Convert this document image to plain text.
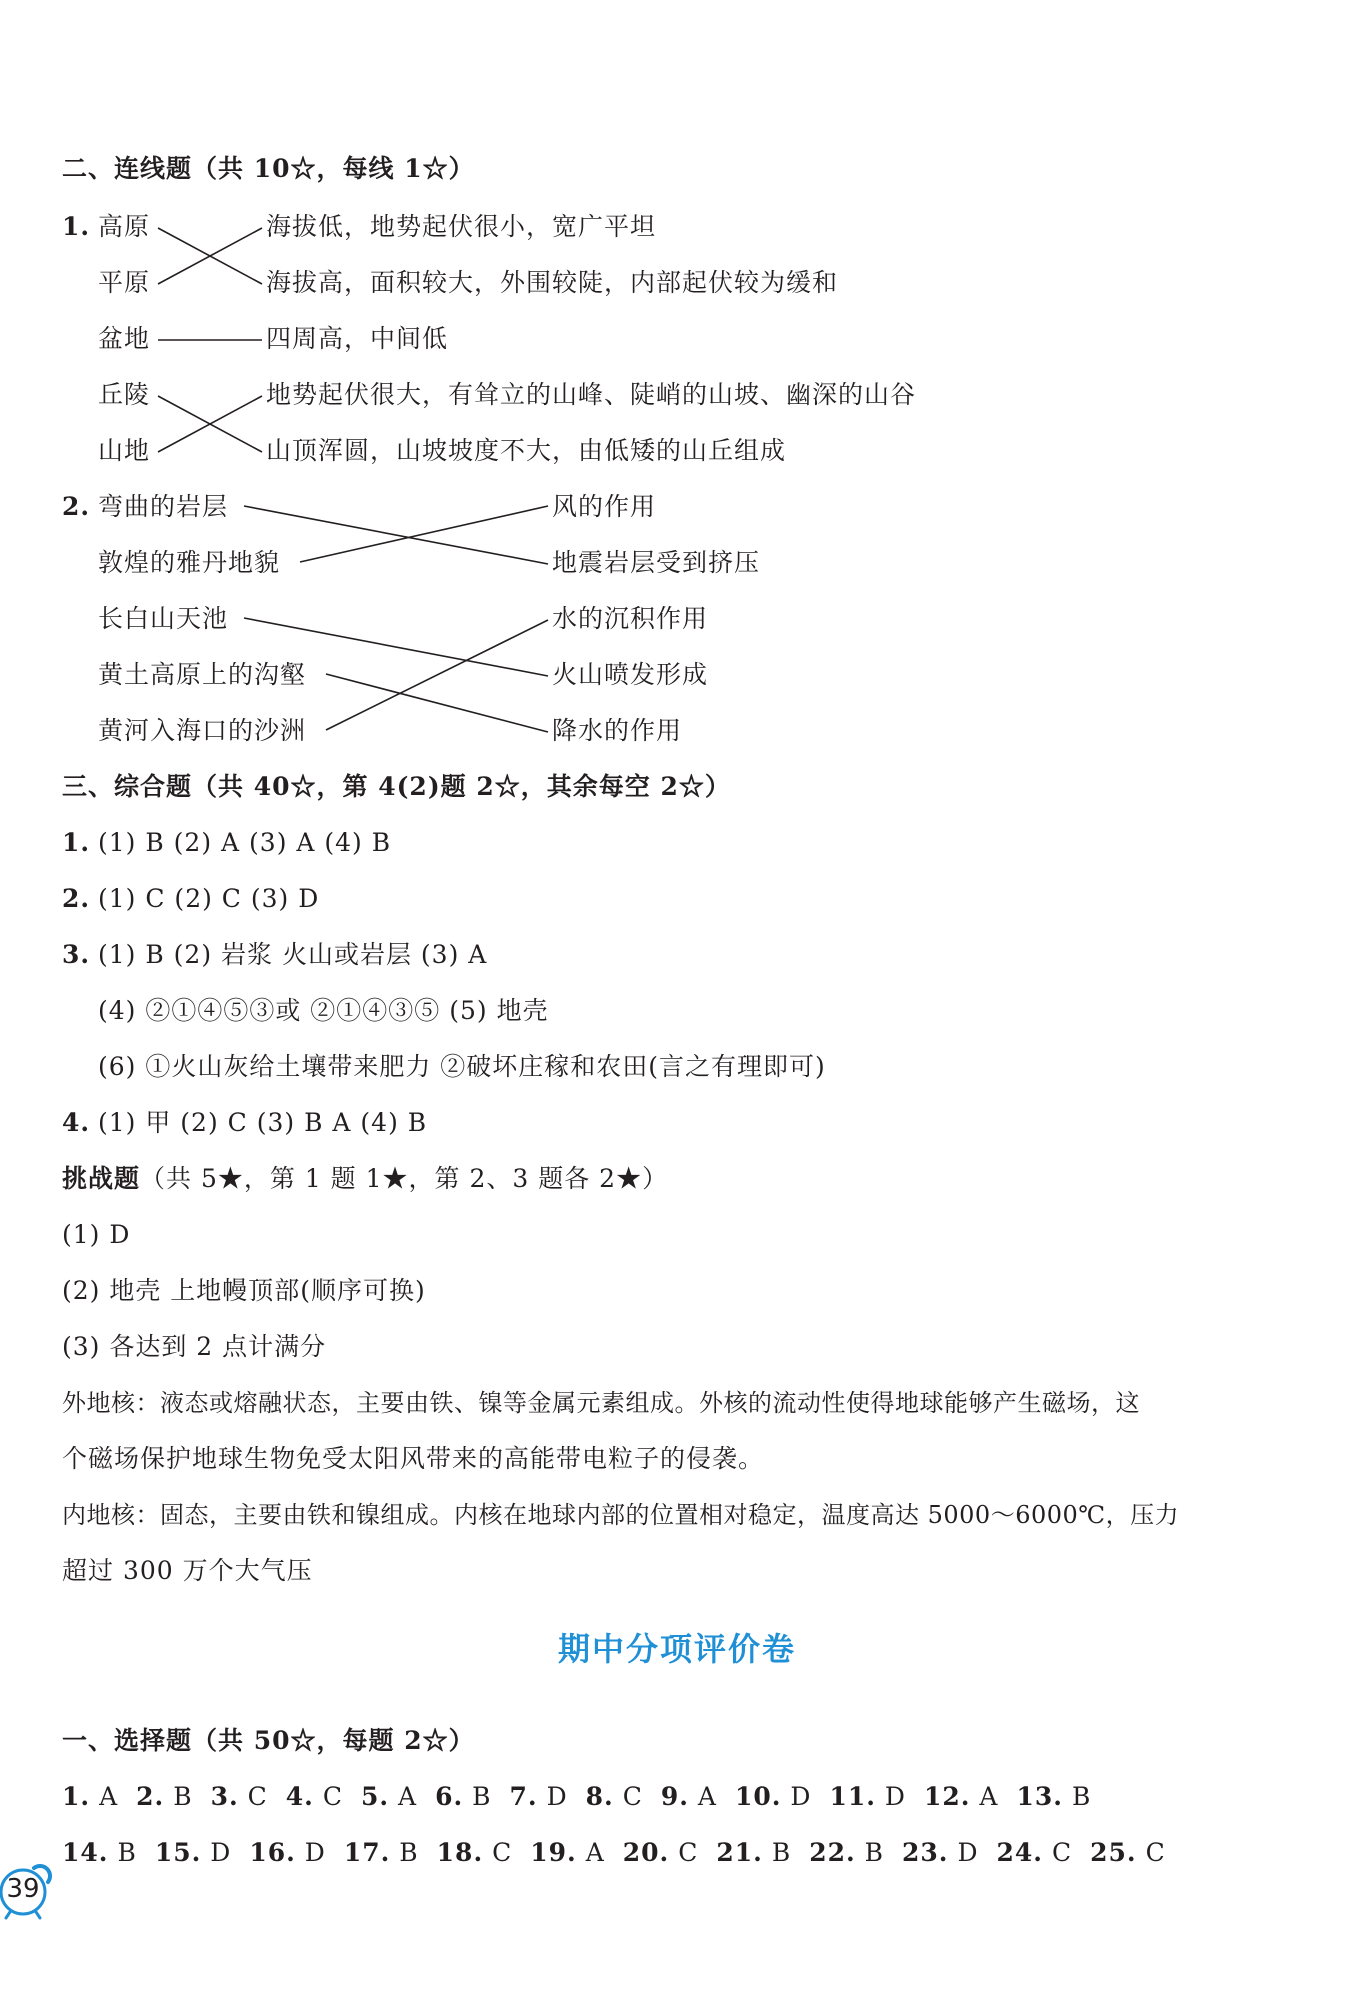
二、连线题（共 10☆，每线 1☆）
1. 高原
平原
盆地
丘陵
山地
海拔低，地势起伏很小，宽广平坦
海拔高，面积较大，外围较陡，内部起伏较为缓和
四周高，中间低
地势起伏很大，有耸立的山峰、陡峭的山坡、幽深的山谷
山顶浑圆，山坡坡度不大，由低矮的山丘组成
2. 弯曲的岩层
敦煌的雅丹地貌
长白山天池
黄土高原上的沟壑
黄河入海口的沙洲
风的作用
地震岩层受到挤压
水的沉积作用
火山喷发形成
降水的作用
三、综合题（共 40☆，第 4(2)题 2☆，其余每空 2☆）
1. (1) B (2) A (3) A (4) B
2. (1) C (2) C (3) D
3. (1) B (2) 岩浆 火山或岩层 (3) A
(4) ②①④⑤③或 ②①④③⑤ (5) 地壳
(6) ①火山灰给土壤带来肥力 ②破坏庄稼和农田(言之有理即可)
4. (1) 甲 (2) C (3) B A (4) B
挑战题（共 5★，第 1 题 1★，第 2、3 题各 2★）
(1) D
(2) 地壳 上地幔顶部(顺序可换)
(3) 各达到 2 点计满分
外地核：液态或熔融状态，主要由铁、镍等金属元素组成。外核的流动性使得地球能够产生磁场，这
个磁场保护地球生物免受太阳风带来的高能带电粒子的侵袭。
内地核：固态，主要由铁和镍组成。内核在地球内部的位置相对稳定，温度高达 5000～6000℃，压力
超过 300 万个大气压
期中分项评价卷
一、选择题（共 50☆，每题 2☆）
1. A 2. B 3. C 4. C 5. A 6. B 7. D 8. C 9. A 10. D 11. D 12. A 13. B
14. B 15. D 16. D 17. B 18. C 19. A 20. C 21. B 22. B 23. D 24. C 25. C
39
